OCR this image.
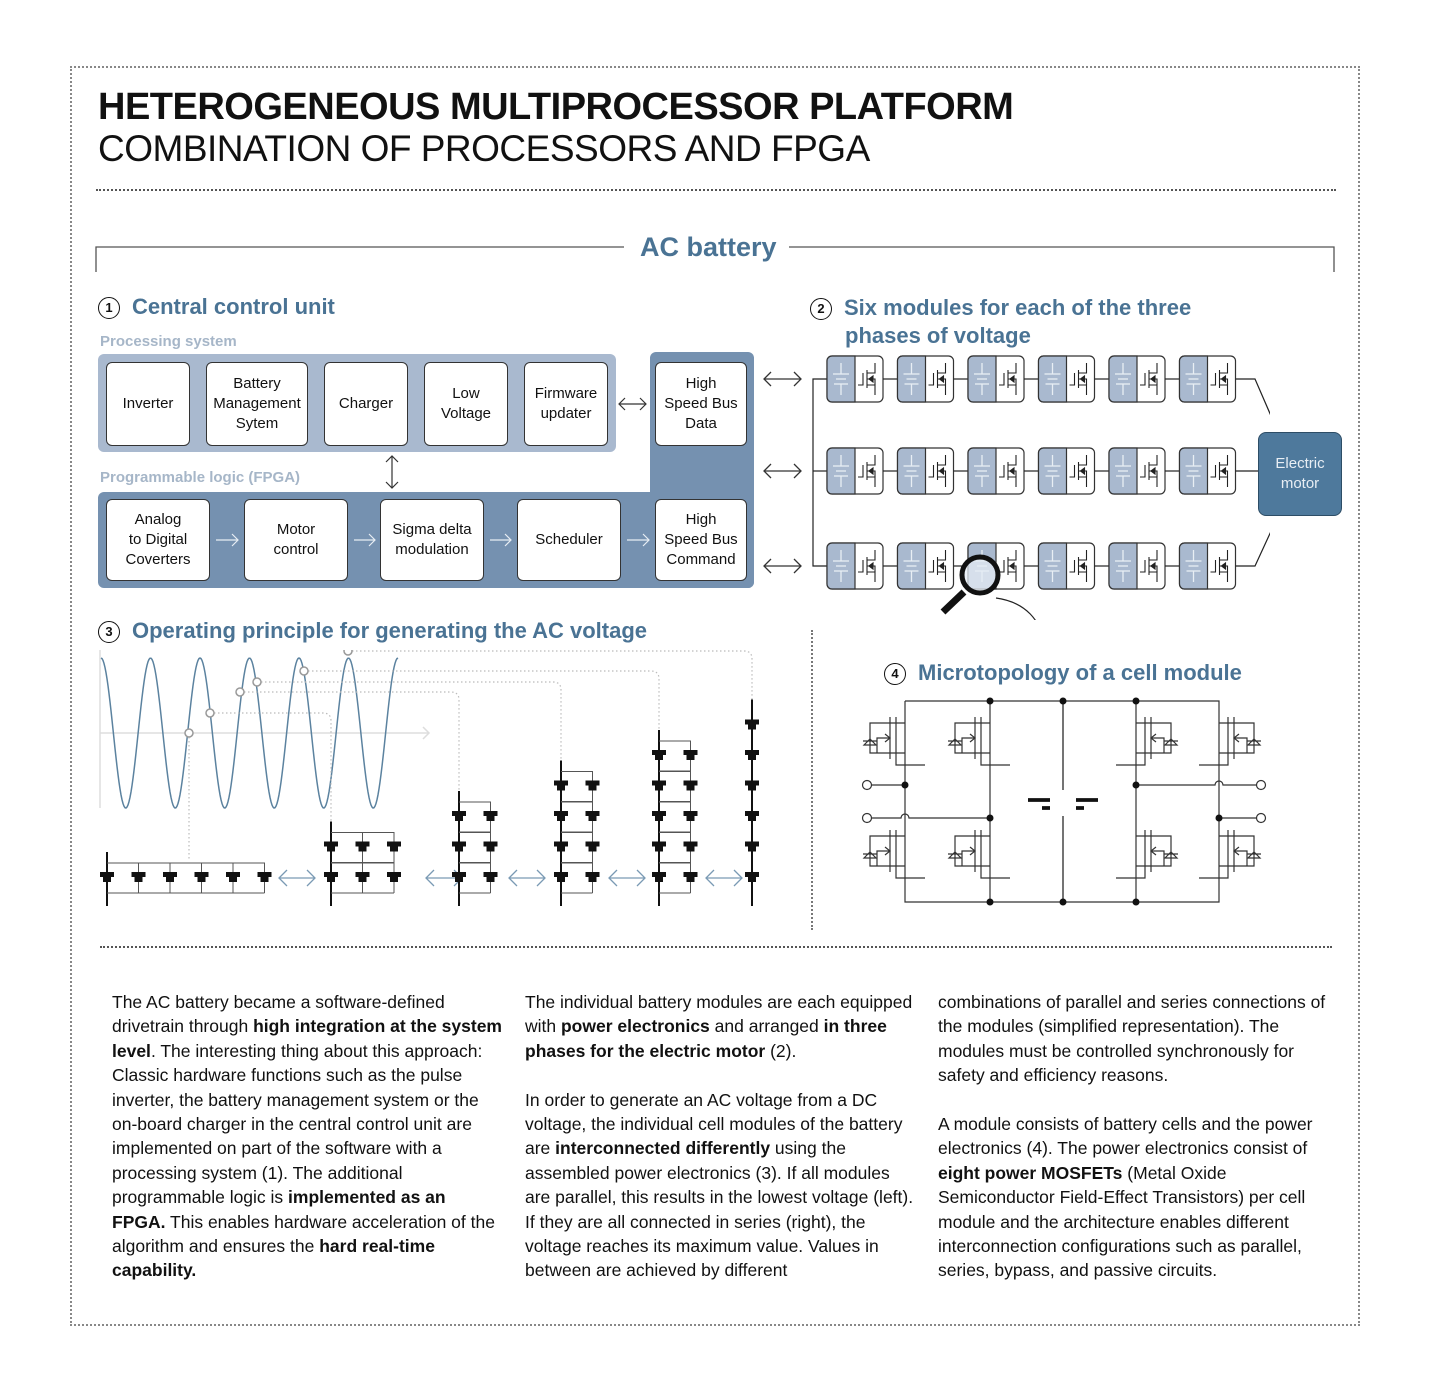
HETEROGENEOUS MULTIPROCESSOR PLATFORM
COMBINATION OF PROCESSORS AND FPGA
AC battery
1 Central control unit
Processing system
Inverter
Battery
Management
Sytem
Charger
Low
Voltage
Firmware
updater
High
Speed Bus
Data
Programmable logic (FPGA)
Analog
to Digital
Coverters
Motor
control
Sigma delta
modulation
Scheduler
High
Speed Bus
Command
2 Six modules for each of the three
phases of voltage
Electric
motor
3 Operating principle for generating the AC voltage
4 Microtopology of a cell module

The AC battery became a software-defined drivetrain through high integration at the system level. The interesting thing about this approach: Classic hardware functions such as the pulse inverter, the battery management system or the on-board charger in the central control unit are implemented on part of the software with a processing system (1). The additional programmable logic is implemented as an FPGA. This enables hardware acceleration of the algorithm and ensures the hard real-time capability.

The individual battery modules are each equipped with power electronics and arranged in three phases for the electric motor (2).

In order to generate an AC voltage from a DC voltage, the individual cell modules of the battery are interconnected differently using the assembled power electronics (3). If all modules are parallel, this results in the lowest voltage (left). If they are all connected in series (right), the voltage reaches its maximum value. Values in between are achieved by different

combinations of parallel and series connections of the modules (simplified representation). The modules must be controlled synchronously for safety and efficiency reasons.

A module consists of battery cells and the power electronics (4). The power electronics consist of eight power MOSFETs (Metal Oxide Semiconductor Field-Effect Transistors) per cell module and the architecture enables different interconnection configurations such as parallel, series, bypass, and passive circuits.
